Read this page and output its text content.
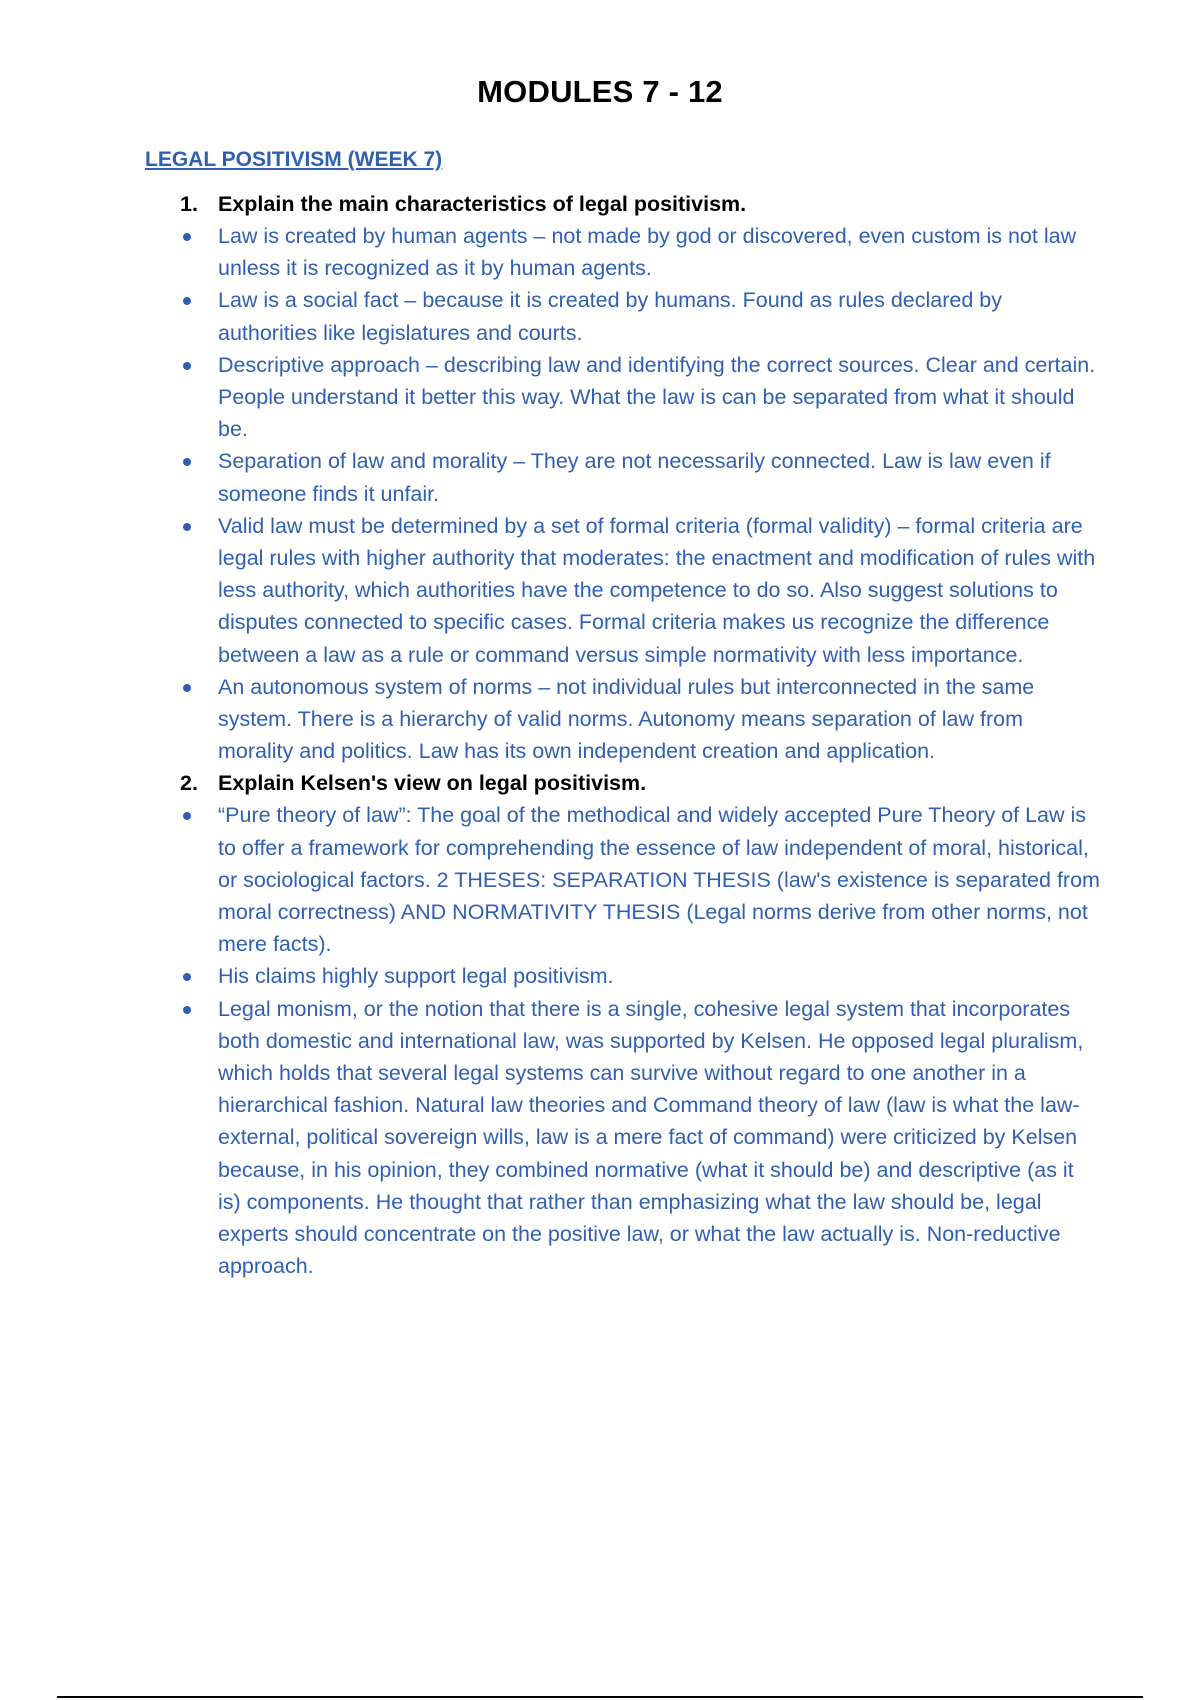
MODULES 7 - 12
LEGAL POSITIVISM (WEEK 7)

1. Explain the main characteristics of legal positivism.

Law is created by human agents – not made by god or discovered, even custom is not law unless it is recognized as it by human agents.

Law is a social fact – because it is created by humans. Found as rules declared by authorities like legislatures and courts.

Descriptive approach – describing law and identifying the correct sources. Clear and certain. People understand it better this way. What the law is can be separated from what it should be.

Separation of law and morality – They are not necessarily connected. Law is law even if someone finds it unfair.

Valid law must be determined by a set of formal criteria (formal validity) – formal criteria are legal rules with higher authority that moderates: the enactment and modification of rules with less authority, which authorities have the competence to do so. Also suggest solutions to disputes connected to specific cases. Formal criteria makes us recognize the difference between a law as a rule or command versus simple normativity with less importance.

An autonomous system of norms – not individual rules but interconnected in the same system. There is a hierarchy of valid norms. Autonomy means separation of law from morality and politics. Law has its own independent creation and application.

2. Explain Kelsen's view on legal positivism.

“Pure theory of law”: The goal of the methodical and widely accepted Pure Theory of Law is to offer a framework for comprehending the essence of law independent of moral, historical, or sociological factors. 2 THESES: SEPARATION THESIS (law's existence is separated from moral correctness) AND NORMATIVITY THESIS (Legal norms derive from other norms, not mere facts).

His claims highly support legal positivism.

Legal monism, or the notion that there is a single, cohesive legal system that incorporates both domestic and international law, was supported by Kelsen. He opposed legal pluralism, which holds that several legal systems can survive without regard to one another in a hierarchical fashion. Natural law theories and Command theory of law (law is what the law-external, political sovereign wills, law is a mere fact of command) were criticized by Kelsen because, in his opinion, they combined normative (what it should be) and descriptive (as it is) components. He thought that rather than emphasizing what the law should be, legal experts should concentrate on the positive law, or what the law actually is. Non-reductive approach.
